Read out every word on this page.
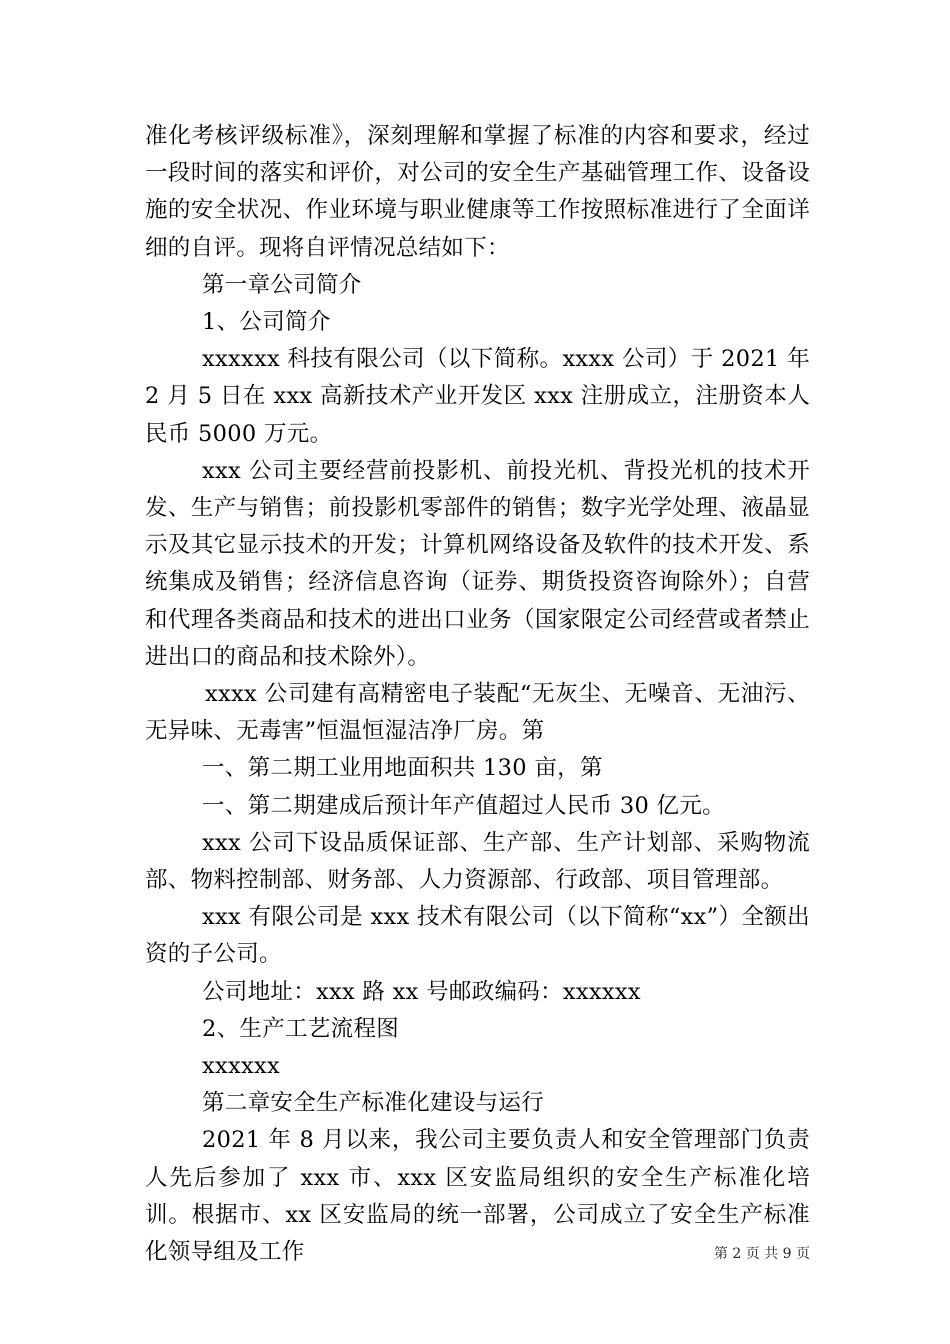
准化考核评级标准》，深刻理解和掌握了标准的内容和要求，经过一段时间的落实和评价，对公司的安全生产基础管理工作、设备设施的安全状况、作业环境与职业健康等工作按照标准进行了全面详细的自评。现将自评情况总结如下：

第一章公司简介

1、公司简介

xxxxxx 科技有限公司（以下简称。xxxx 公司）于 2021 年 2 月 5 日在 xxx 高新技术产业开发区 xxx 注册成立，注册资本人民币 5000 万元。

xxx 公司主要经营前投影机、前投光机、背投光机的技术开发、生产与销售；前投影机零部件的销售；数字光学处理、液晶显示及其它显示技术的开发；计算机网络设备及软件的技术开发、系统集成及销售；经济信息咨询（证券、期货投资咨询除外）；自营和代理各类商品和技术的进出口业务（国家限定公司经营或者禁止进出口的商品和技术除外）。

xxxx 公司建有高精密电子装配“无灰尘、无噪音、无油污、无异味、无毒害”恒温恒湿洁净厂房。第

一、第二期工业用地面积共 130 亩，第

一、第二期建成后预计年产值超过人民币 30 亿元。

xxx 公司下设品质保证部、生产部、生产计划部、采购物流部、物料控制部、财务部、人力资源部、行政部、项目管理部。

xxx 有限公司是 xxx 技术有限公司（以下简称“xx”）全额出资的子公司。

公司地址：xxx 路 xx 号邮政编码：xxxxxx

2、生产工艺流程图

xxxxxx

第二章安全生产标准化建设与运行

2021 年 8 月以来，我公司主要负责人和安全管理部门负责人先后参加了 xxx 市、xxx 区安监局组织的安全生产标准化培训。根据市、xx 区安监局的统一部署，公司成立了安全生产标准化领导组及工作	第 2 页 共 9 页
